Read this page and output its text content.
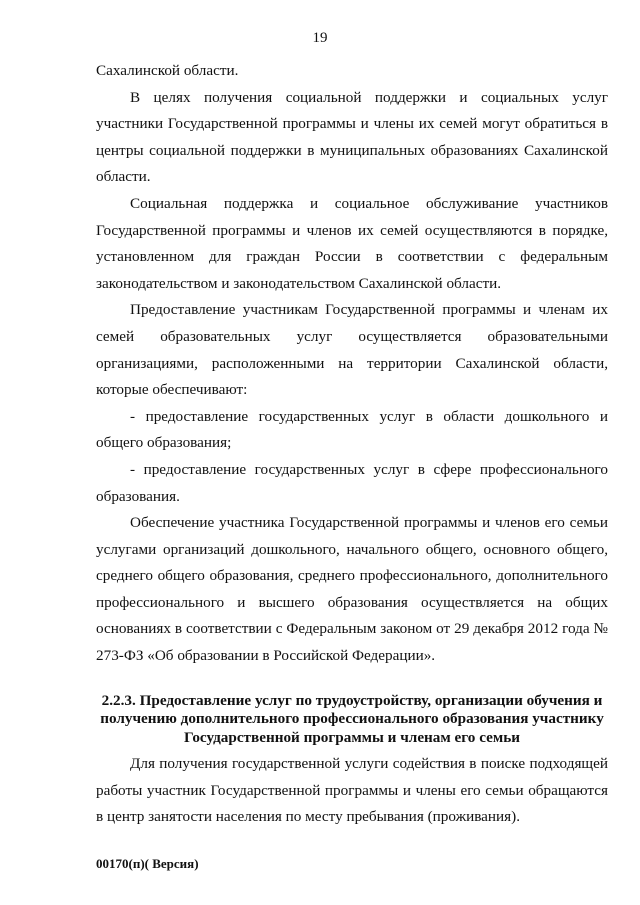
19

Сахалинской области.

В целях получения социальной поддержки и социальных услуг участники Государственной программы и члены их семей могут обратиться в центры социальной поддержки в муниципальных образованиях Сахалинской области.

Социальная поддержка и социальное обслуживание участников Государственной программы и членов их семей осуществляются в порядке, установленном для граждан России в соответствии с федеральным законодательством и законодательством Сахалинской области.

Предоставление участникам Государственной программы и членам их семей образовательных услуг осуществляется образовательными организациями, расположенными на территории Сахалинской области, которые обеспечивают:

- предоставление государственных услуг в области дошкольного и общего образования;

- предоставление государственных услуг в сфере профессионального образования.

Обеспечение участника Государственной программы и членов его семьи услугами организаций дошкольного, начального общего, основного общего, среднего общего образования, среднего профессионального, дополнительного профессионального и высшего образования осуществляется на общих основаниях в соответствии с Федеральным законом от 29 декабря 2012 года № 273-ФЗ «Об образовании в Российской Федерации».

2.2.3. Предоставление услуг по трудоустройству, организации обучения и получению дополнительного профессионального образования участнику Государственной программы и членам его семьи

Для получения государственной услуги содействия в поиске подходящей работы участник Государственной программы и члены его семьи обращаются в центр занятости населения по месту пребывания (проживания).

00170(п)( Версия)
